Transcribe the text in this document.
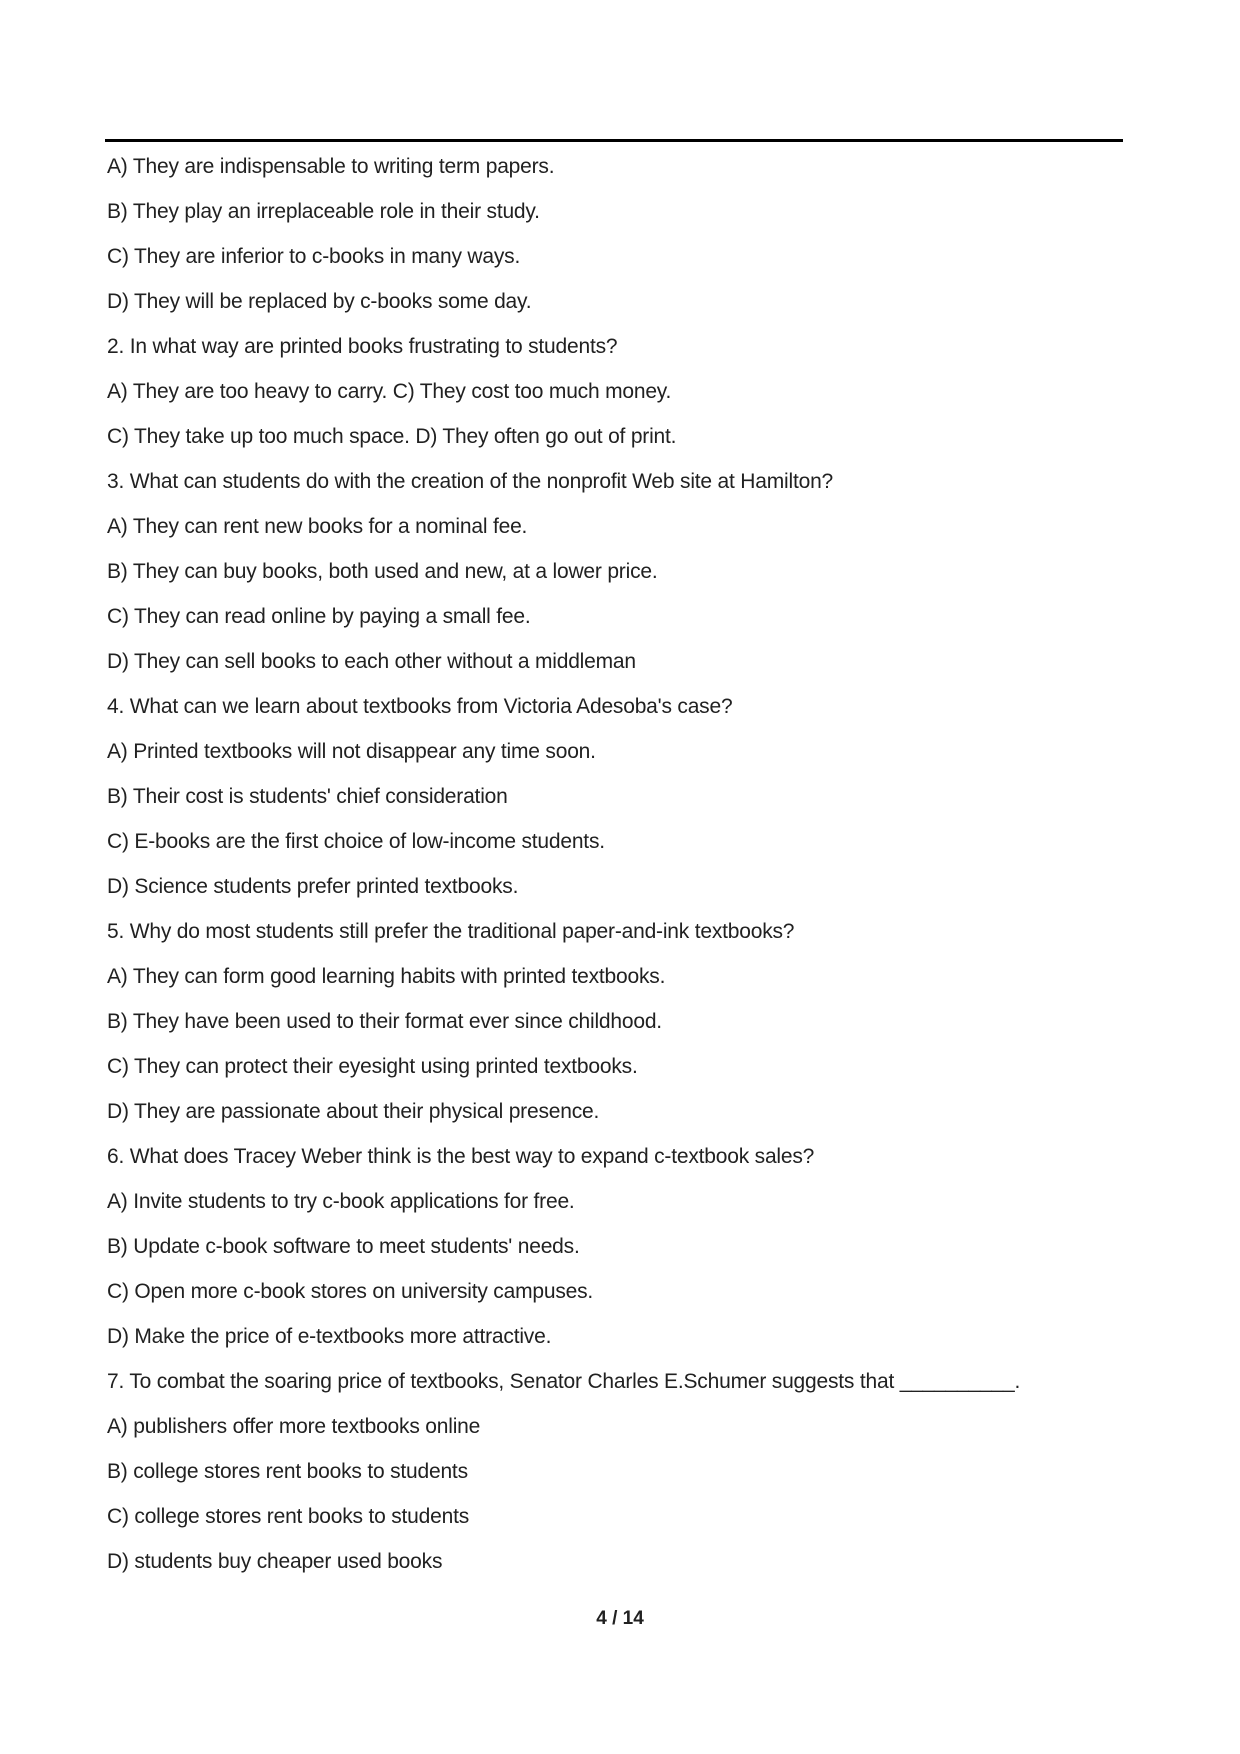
A) They are indispensable to writing term papers.
B) They play an irreplaceable role in their study.
C) They are inferior to c-books in many ways.
D) They will be replaced by c-books some day.
2. In what way are printed books frustrating to students?
A) They are too heavy to carry. C) They cost too much money.
C) They take up too much space. D) They often go out of print.
3. What can students do with the creation of the nonprofit Web site at Hamilton?
A) They can rent new books for a nominal fee.
B) They can buy books, both used and new, at a lower price.
C) They can read online by paying a small fee.
D) They can sell books to each other without a middleman
4. What can we learn about textbooks from Victoria Adesoba's case?
A) Printed textbooks will not disappear any time soon.
B) Their cost is students' chief consideration
C) E-books are the first choice of low-income students.
D) Science students prefer printed textbooks.
5. Why do most students still prefer the traditional paper-and-ink textbooks?
A) They can form good learning habits with printed textbooks.
B) They have been used to their format ever since childhood.
C) They can protect their eyesight using printed textbooks.
D) They are passionate about their physical presence.
6. What does Tracey Weber think is the best way to expand c-textbook sales?
A) Invite students to try c-book applications for free.
B) Update c-book software to meet students' needs.
C) Open more c-book stores on university campuses.
D) Make the price of e-textbooks more attractive.
7. To combat the soaring price of textbooks, Senator Charles E.Schumer suggests that __________.
A) publishers offer more textbooks online
B) college stores rent books to students
C) college stores rent books to students
D) students buy cheaper used books
4 / 14
